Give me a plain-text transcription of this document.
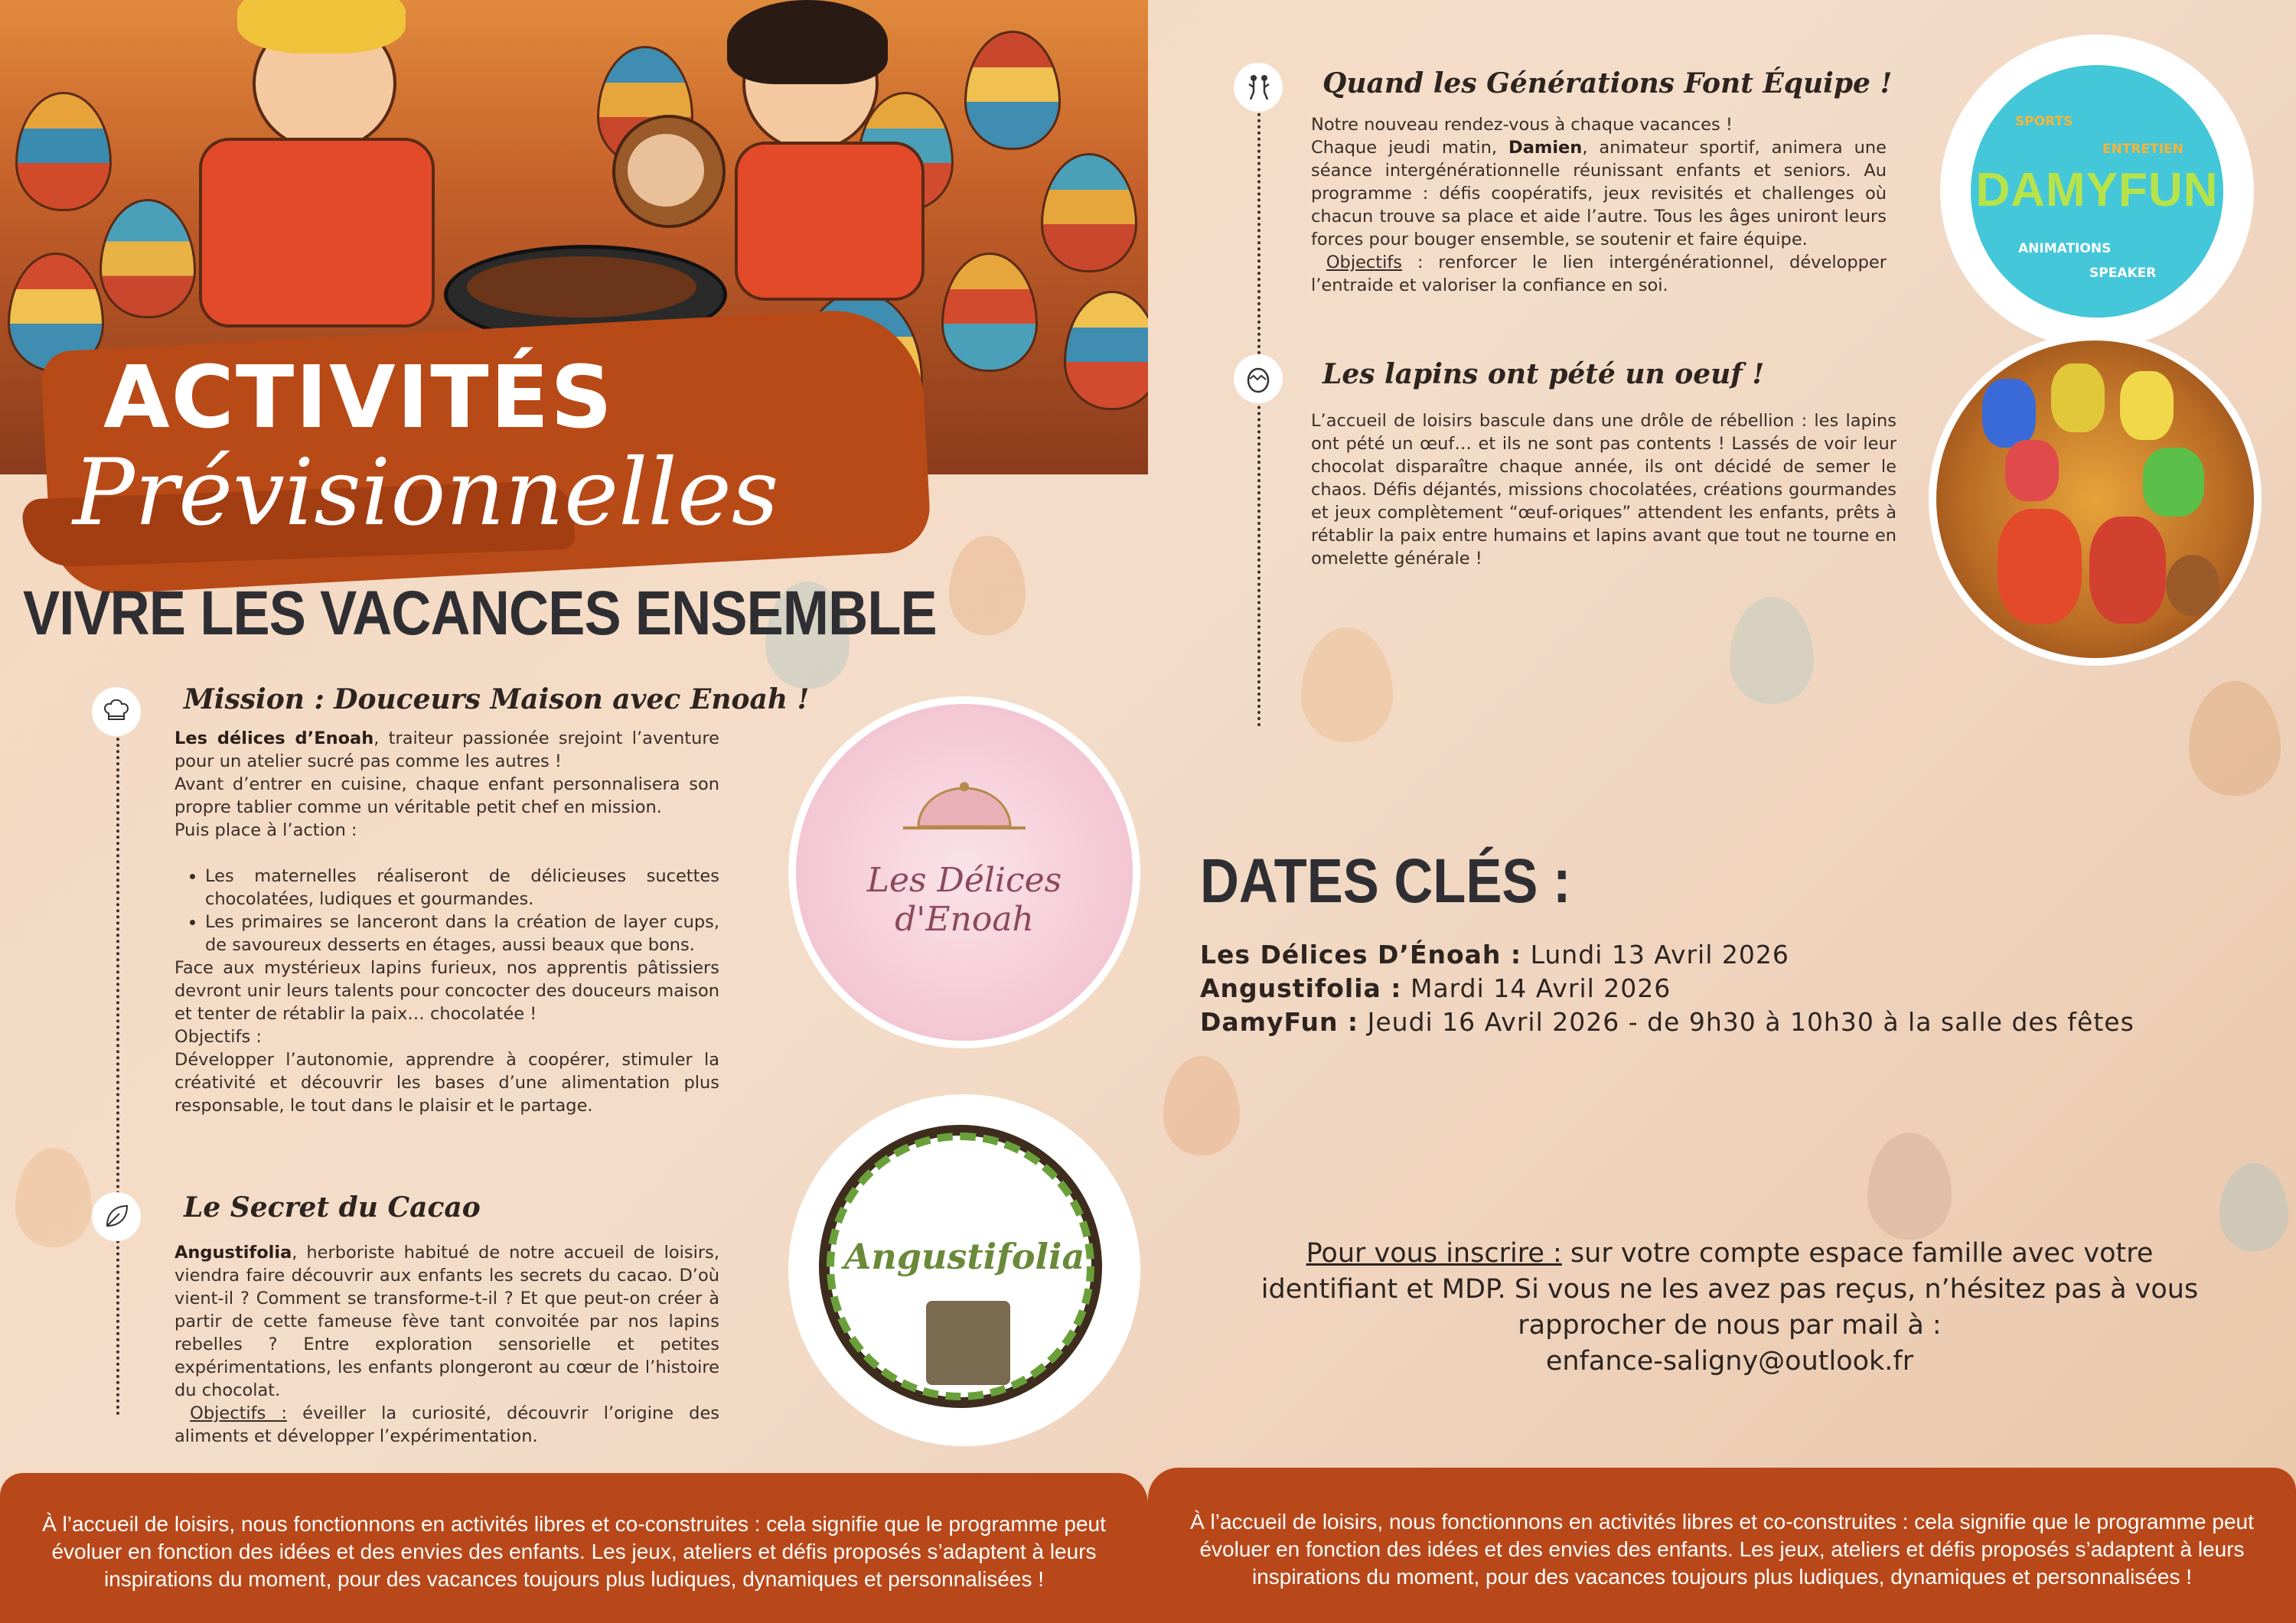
ACTIVITÉS
Prévisionnelles
VIVRE LES VACANCES ENSEMBLE
Mission : Douceurs Maison avec Enoah !

Les délices d’Enoah, traiteur passionée srejoint l’aventure pour un atelier sucré pas comme les autres !

Avant d’entrer en cuisine, chaque enfant personnalisera son propre tablier comme un véritable petit chef en mission.

Puis place à l’action :

• Les maternelles réaliseront de délicieuses sucettes chocolatées, ludiques et gourmandes.
• Les primaires se lanceront dans la création de layer cups, de savoureux desserts en étages, aussi beaux que bons.

Face aux mystérieux lapins furieux, nos apprentis pâtissiers devront unir leurs talents pour concocter des douceurs maison et tenter de rétablir la paix… chocolatée !

Objectifs :

Développer l’autonomie, apprendre à coopérer, stimuler la créativité et découvrir les bases d’une alimentation plus responsable, le tout dans le plaisir et le partage.

Les Délices d'Enoah
Le Secret du Cacao

Angustifolia, herboriste habitué de notre accueil de loisirs, viendra faire découvrir aux enfants les secrets du cacao. D’où vient-il ? Comment se transforme-t-il ? Et que peut-on créer à partir de cette fameuse fève tant convoitée par nos lapins rebelles ? Entre exploration sensorielle et petites expérimentations, les enfants plongeront au cœur de l’histoire du chocolat.

Objectifs : éveiller la curiosité, découvrir l’origine des aliments et développer l’expérimentation.

Angustifolia
Quand les Générations Font Équipe !

Notre nouveau rendez-vous à chaque vacances !

Chaque jeudi matin, Damien, animateur sportif, animera une séance intergénérationnelle réunissant enfants et seniors. Au programme : défis coopératifs, jeux revisités et challenges où chacun trouve sa place et aide l’autre. Tous les âges uniront leurs forces pour bouger ensemble, se soutenir et faire équipe.

Objectifs : renforcer le lien intergénérationnel, développer l’entraide et valoriser la confiance en soi.

DAMYFUN
SPORTS
ENTRETIEN
ANIMATIONS
SPEAKER
Les lapins ont pété un oeuf !
L’accueil de loisirs bascule dans une drôle de rébellion : les lapins ont pété un œuf… et ils ne sont pas contents ! Lassés de voir leur chocolat disparaître chaque année, ils ont décidé de semer le chaos. Défis déjantés, missions chocolatées, créations gourmandes et jeux complètement “œuf-oriques” attendent les enfants, prêts à rétablir la paix entre humains et lapins avant que tout ne tourne en omelette générale !
DATES CLÉS :
Les Délices D’Énoah : Lundi 13 Avril 2026
Angustifolia : Mardi 14 Avril 2026
DamyFun : Jeudi 16 Avril 2026 - de 9h30 à 10h30 à la salle des fêtes
Pour vous inscrire : sur votre compte espace famille avec votre identifiant et MDP. Si vous ne les avez pas reçus, n’hésitez pas à vous rapprocher de nous par mail à :
enfance-saligny@outlook.fr
À l’accueil de loisirs, nous fonctionnons en activités libres et co-construites : cela signifie que le programme peut évoluer en fonction des idées et des envies des enfants. Les jeux, ateliers et défis proposés s’adaptent à leurs inspirations du moment, pour des vacances toujours plus ludiques, dynamiques et personnalisées !
À l’accueil de loisirs, nous fonctionnons en activités libres et co-construites : cela signifie que le programme peut évoluer en fonction des idées et des envies des enfants. Les jeux, ateliers et défis proposés s’adaptent à leurs inspirations du moment, pour des vacances toujours plus ludiques, dynamiques et personnalisées !
